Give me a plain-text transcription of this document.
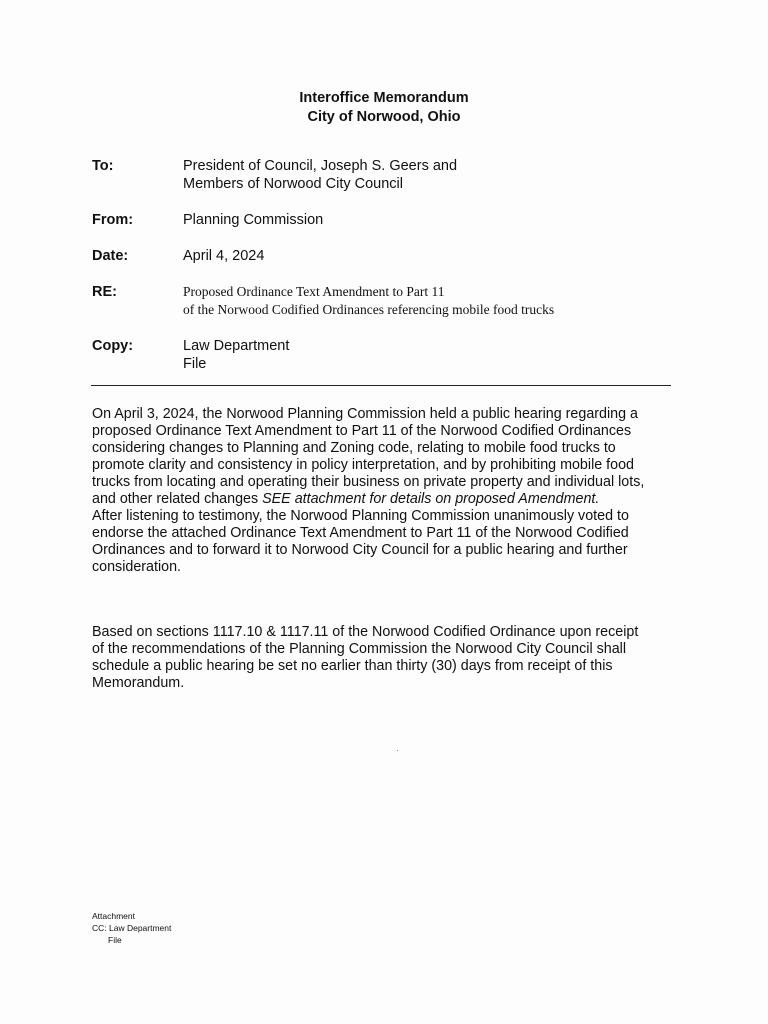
Interoffice Memorandum
City of Norwood, Ohio
To:	President of Council, Joseph S. Geers and
Members of Norwood City Council
From:	Planning Commission
Date:	April 4, 2024
RE:	Proposed Ordinance Text Amendment to Part 11
of the Norwood Codified Ordinances referencing mobile food trucks
Copy:	Law Department
File

On April 3, 2024, the Norwood Planning Commission held a public hearing regarding a

proposed Ordinance Text Amendment to Part 11 of the Norwood Codified Ordinances

considering changes to Planning and Zoning code, relating to mobile food trucks to

promote clarity and consistency in policy interpretation, and by prohibiting mobile food

trucks from locating and operating their business on private property and individual lots,

and other related changes SEE attachment for details on proposed Amendment.

After listening to testimony, the Norwood Planning Commission unanimously voted to

endorse the attached Ordinance Text Amendment to Part 11 of the Norwood Codified

Ordinances and to forward it to Norwood City Council for a public hearing and further

consideration.

Based on sections 1117.10 & 1117.11 of the Norwood Codified Ordinance upon receipt

of the recommendations of the Planning Commission the Norwood City Council shall

schedule a public hearing be set no earlier than thirty (30) days from receipt of this

Memorandum.

Attachment
CC: Law Department
File
